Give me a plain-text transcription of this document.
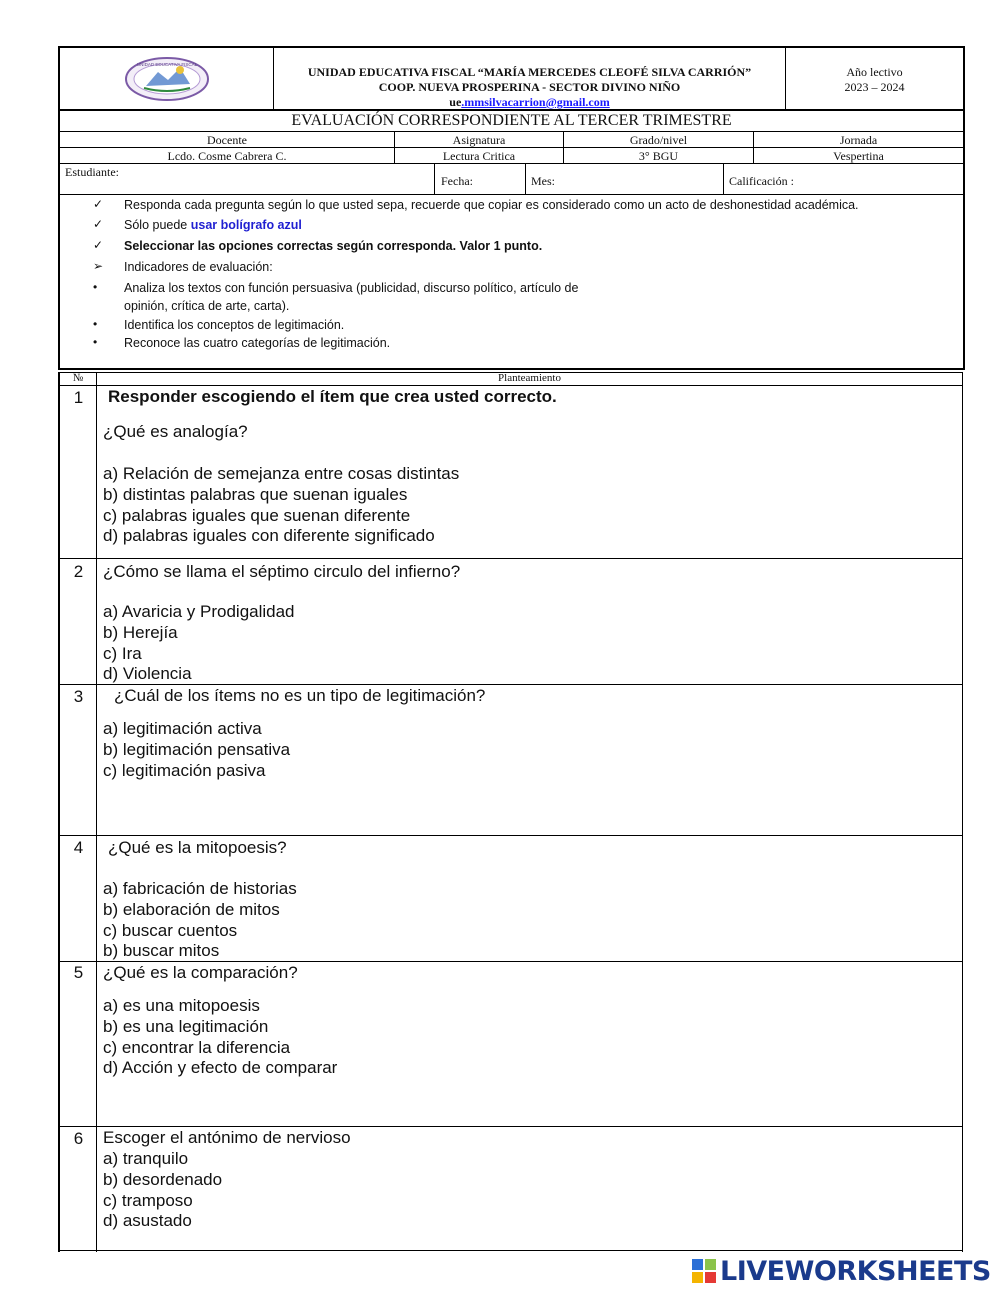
UNIDAD EDUCATIVA FISCAL
UNIDAD EDUCATIVA FISCAL “MARÍA MERCEDES CLEOFÉ SILVA CARRIÓN”
COOP. NUEVA PROSPERINA - SECTOR DIVINO NIÑO
ue.mmsilvacarrion@gmail.com
Año lectivo
2023 – 2024
EVALUACIÓN CORRESPONDIENTE AL TERCER TRIMESTRE
Docente	Asignatura	Grado/nivel	Jornada
Lcdo. Cosme Cabrera C.	Lectura Critica	3° BGU	Vespertina
Estudiante:
Fecha:	Mes:	Calificación :
✓ Responda cada pregunta según lo que usted sepa, recuerde que copiar es considerado como un acto de deshonestidad académica.
✓ Sólo puede usar bolígrafo azul
✓ Seleccionar las opciones correctas según corresponda. Valor 1 punto.
➢ Indicadores de evaluación:
• Analiza los textos con función persuasiva (publicidad, discurso político, artículo de
opinión, crítica de arte, carta).
• Identifica los conceptos de legitimación.
• Reconoce las cuatro categorías de legitimación.
№	Planteamiento
1	Responder escogiendo el ítem que crea usted correcto.
¿Qué es analogía?
a) Relación de semejanza entre cosas distintas
b) distintas palabras que suenan iguales
c) palabras iguales que suenan diferente
d) palabras iguales con diferente significado
2	¿Cómo se llama el séptimo circulo del infierno?
a) Avaricia y Prodigalidad
b) Herejía
c) Ira
d) Violencia
3	¿Cuál de los ítems no es un tipo de legitimación?
a) legitimación activa
b) legitimación pensativa
c) legitimación pasiva
4	¿Qué es la mitopoesis?
a) fabricación de historias
b) elaboración de mitos
c) buscar cuentos
b) buscar mitos
5	¿Qué es la comparación?
a) es una mitopoesis
b) es una legitimación
c) encontrar la diferencia
d) Acción y efecto de comparar
6	Escoger el antónimo de nervioso
a) tranquilo
b) desordenado
c) tramposo
d) asustado
LIVEWORKSHEETS
